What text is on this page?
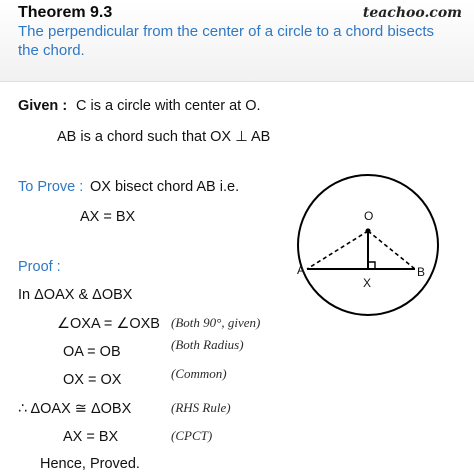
Theorem 9.3	teachoo.com
The perpendicular from the center of a circle to a chord bisects the chord.
Given : C is a circle with center at O.
AB is a chord such that OX ⊥ AB
To Prove : OX bisect chord AB i.e.
AX = BX	O
A	B
X
Proof :
In ΔOAX & ΔOBX
∠OXA = ∠OXB (Both 90°, given)
OA = OB	(Both Radius)
OX = OX	(Common)
∴ ΔOAX ≅ ΔOBX	(RHS Rule)
AX = BX	(CPCT)
Hence, Proved.
